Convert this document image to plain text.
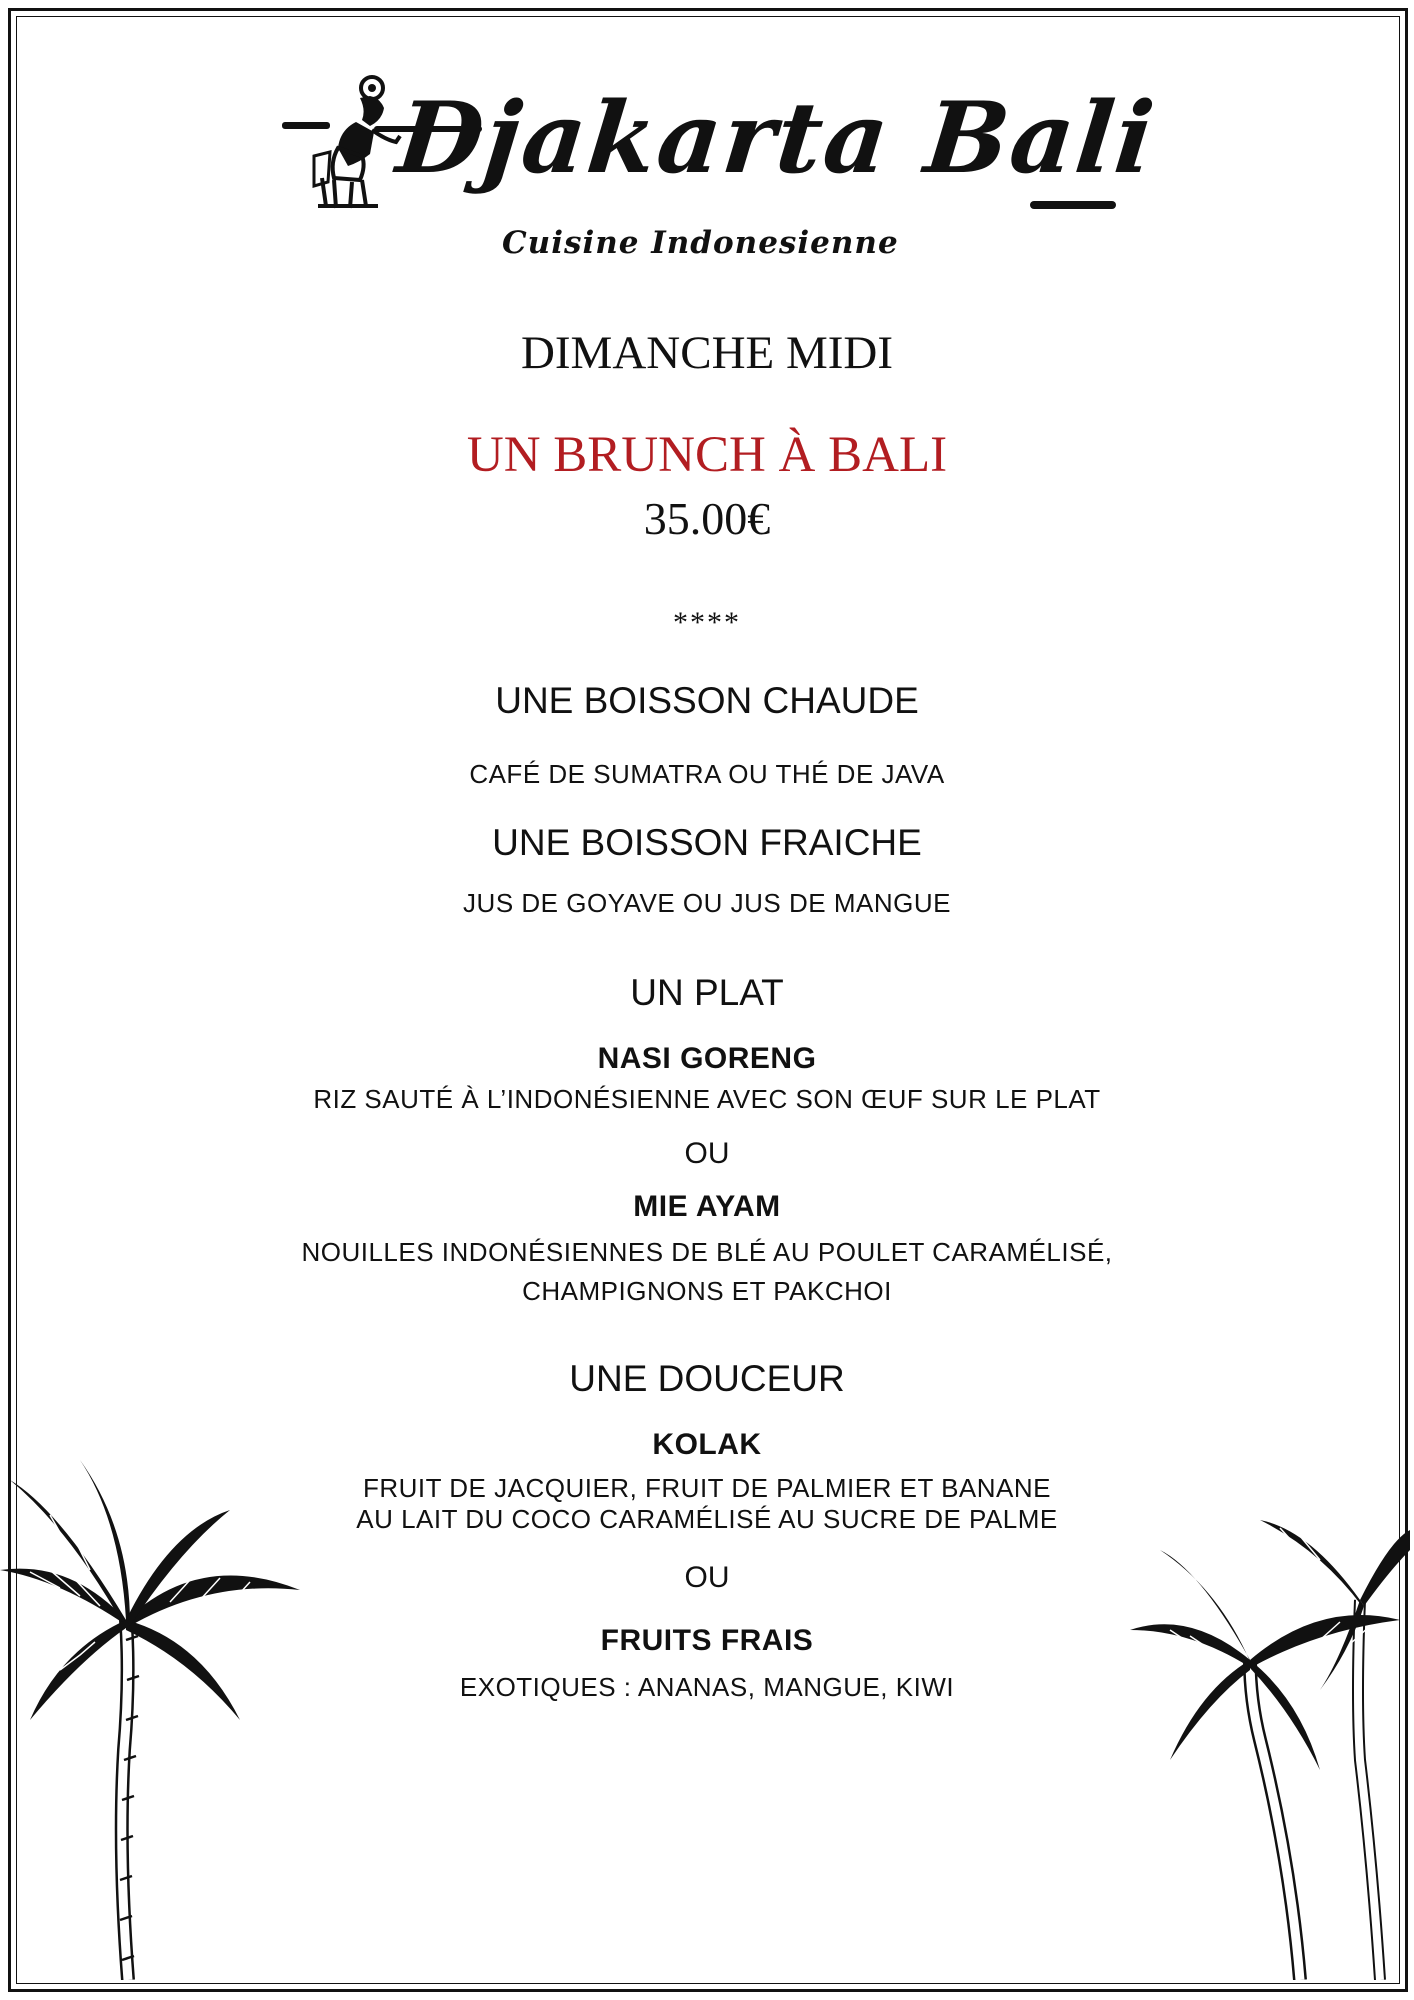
Djakarta Bali
Cuisine Indonesienne
DIMANCHE MIDI
UN BRUNCH À BALI
35.00€
****
UNE BOISSON CHAUDE
CAFÉ DE SUMATRA OU THÉ DE JAVA
UNE BOISSON FRAICHE
JUS DE GOYAVE OU JUS DE MANGUE
UN PLAT
NASI GORENG
RIZ SAUTÉ À L’INDONÉSIENNE AVEC SON ŒUF SUR LE PLAT
OU
MIE AYAM
NOUILLES INDONÉSIENNES DE BLÉ AU POULET CARAMÉLISÉ,
CHAMPIGNONS ET PAKCHOI
UNE DOUCEUR
KOLAK
FRUIT DE JACQUIER, FRUIT DE PALMIER ET BANANE
AU LAIT DU COCO CARAMÉLISÉ AU SUCRE DE PALME
OU
FRUITS FRAIS
EXOTIQUES : ANANAS, MANGUE, KIWI
